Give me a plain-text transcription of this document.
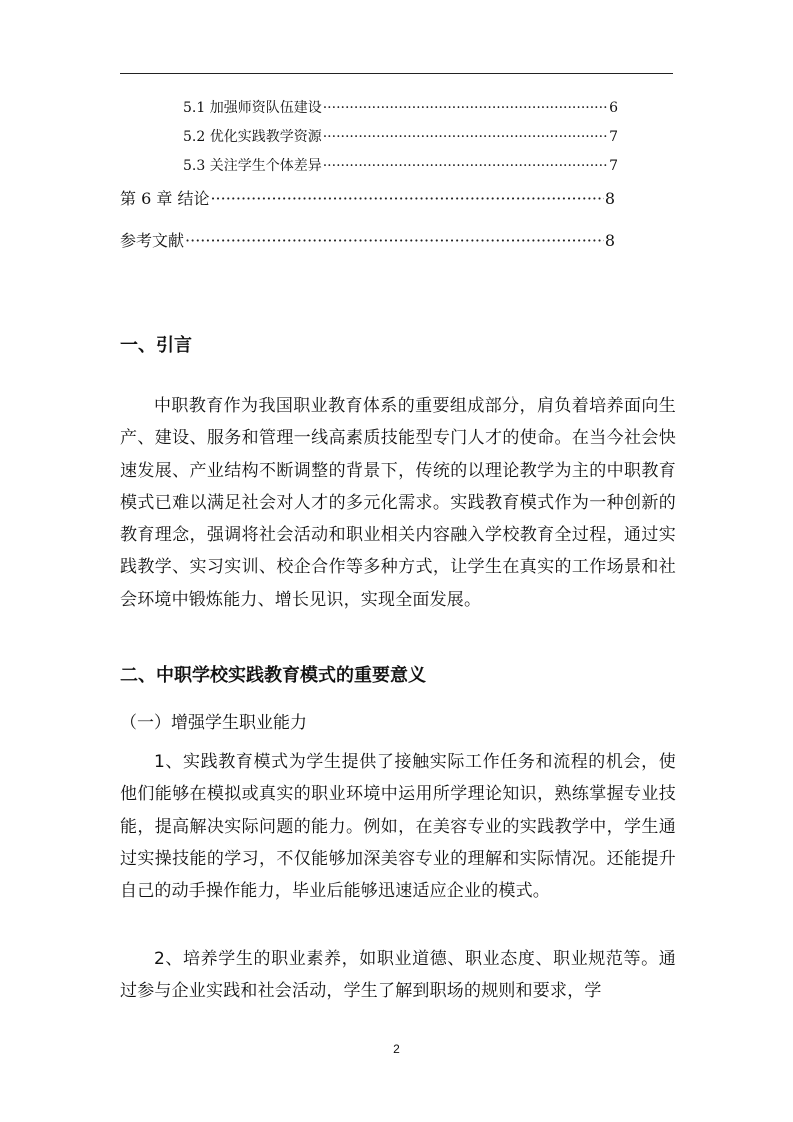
5.1 加强师资队伍建设 ·····	6
5.2 优化实践教学资源 ·····	7
5.3 关注学生个体差异 ·····	7
第 6 章 结论 ·····	8
参考文献 ·····	8
一、引言

中职教育作为我国职业教育体系的重要组成部分，肩负着培养面向生产、建设、服务和管理一线高素质技能型专门人才的使命。在当今社会快速发展、产业结构不断调整的背景下，传统的以理论教学为主的中职教育模式已难以满足社会对人才的多元化需求。实践教育模式作为一种创新的教育理念，强调将社会活动和职业相关内容融入学校教育全过程，通过实践教学、实习实训、校企合作等多种方式，让学生在真实的工作场景和社会环境中锻炼能力、增长见识，实现全面发展。

二、中职学校实践教育模式的重要意义
（一）增强学生职业能力

1、实践教育模式为学生提供了接触实际工作任务和流程的机会，使他们能够在模拟或真实的职业环境中运用所学理论知识，熟练掌握专业技能，提高解决实际问题的能力。例如，在美容专业的实践教学中，学生通过实操技能的学习，不仅能够加深美容专业的理解和实际情况。还能提升自己的动手操作能力，毕业后能够迅速适应企业的模式。

2、培养学生的职业素养，如职业道德、职业态度、职业规范等。通过参与企业实践和社会活动，学生了解到职场的规则和要求，学

2
